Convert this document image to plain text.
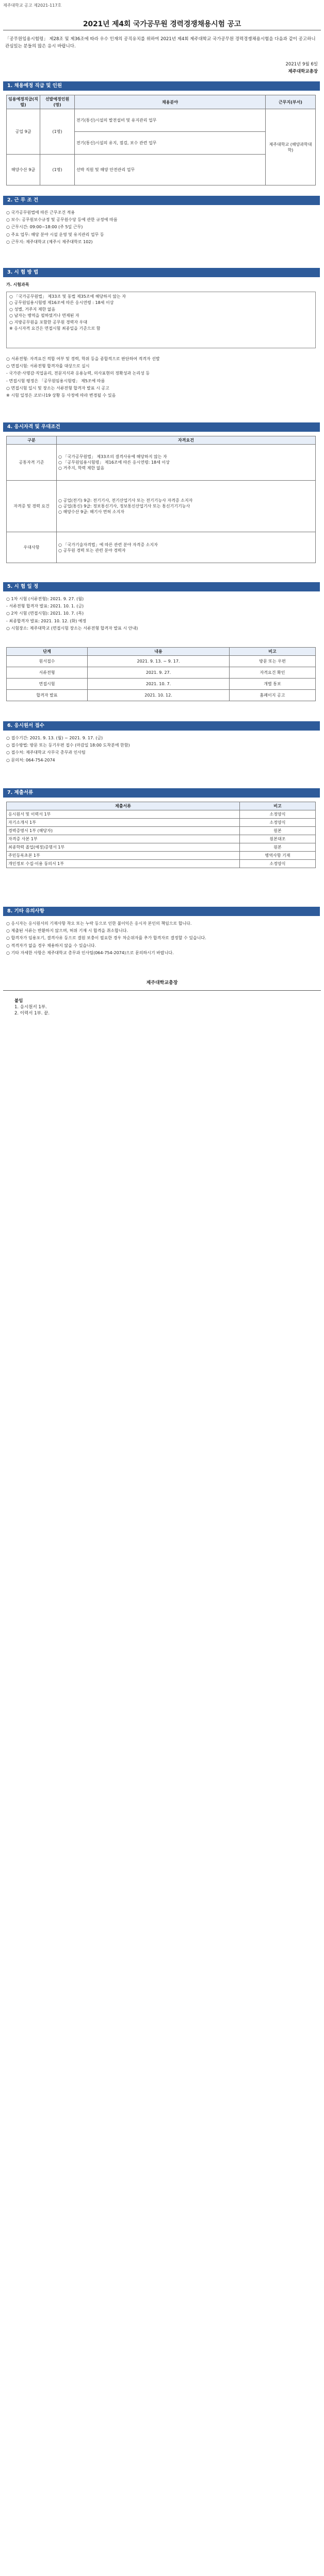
제주대학교 공고 제2021-117호
2021년 제4회 국가공무원 경력경쟁채용시험 공고
「공무원임용시험령」 제28조 및 제36조에 따라 우수 인재의 공직유치를 위하여 2021년 제4회 제주대학교 국가공무원 경력경쟁채용시험을 다음과 같이 공고하니 관심있는 분들의 많은 응시 바랍니다.
2021년 9월 6일
제주대학교총장
1. 채용예정 직급 및 인원
임용예정직급(직렬)	선발예정인원(명)	채용분야	근무지(부서)
공업 9급	(1명)	전기(통신)시설의 발전설비 및 유지관리 업무	제주대학교 (해양과학대학)
		전기(통신)시설의 유지, 점검, 보수 관련 업무	
해양수산 9급	(1명)	선박 직원 및 해양 안전관리 업무	
2. 근 무 조 건
○ 국가공무원법에 따른 근무조건 적용
○ 보수: 공무원보수규정 및 공무원수당 등에 관한 규정에 따름
○ 근무시간: 09:00~18:00 (주 5일 근무)
○ 주요 업무: 해당 분야 시설 운영 및 유지관리 업무 등
○ 근무지: 제주대학교 (제주시 제주대학로 102)
3. 시 험 방 법
가. 시험과목
○ 「국가공무원법」 제33조 및 동법 제35조에 해당하지 않는 자
○ 공무원임용시험령 제16조에 따른 응시연령 : 18세 이상
○ 성별, 거주지 제한 없음
○ 남자는 병역을 필하였거나 면제된 자
○ 지방공무원을 포함한 공무원 경력자 우대
※ 응시자격 요건은 면접시험 최종일을 기준으로 함
○ 서류전형: 자격요건 적합 여부 및 경력, 학위 등을 종합적으로 판단하여 적격자 선발
○ 면접시험: 서류전형 합격자를 대상으로 실시
- 국가관·사명감·직업윤리, 전문지식과 응용능력, 의사표현의 정확성과 논리성 등
- 면접시험 평정은 「공무원임용시험령」 제5조에 따름
○ 면접시험 일시 및 장소는 서류전형 합격자 발표 시 공고
※ 시험 일정은 코로나19 상황 등 사정에 따라 변경될 수 있음
4. 응시자격 및 우대조건
구분	자격요건
공통자격 기준	○ 「국가공무원법」 제33조의 결격사유에 해당하지 않는 자
○ 「공무원임용시험령」 제16조에 따른 응시연령: 18세 이상
○ 거주지, 학력 제한 없음
자격증 및 경력 요건	○ 공업(전기) 9급: 전기기사, 전기산업기사 또는 전기기능사 자격증 소지자
○ 공업(통신) 9급: 정보통신기사, 정보통신산업기사 또는 통신기기기능사
○ 해양수산 9급: 해기사 면허 소지자
우대사항	○ 「국가기술자격법」에 따른 관련 분야 자격증 소지자
○ 공무원 경력 또는 관련 분야 경력자
5. 시 험 일 정
○ 1차 시험 (서류전형): 2021. 9. 27. (월)
- 서류전형 합격자 발표: 2021. 10. 1. (금)
○ 2차 시험 (면접시험): 2021. 10. 7. (목)
- 최종합격자 발표: 2021. 10. 12. (화) 예정
○ 시험장소: 제주대학교 (면접시험 장소는 서류전형 합격자 발표 시 안내)
단계	내용	비고
원서접수	2021. 9. 13. ~ 9. 17.	방문 또는 우편
서류전형	2021. 9. 27.	자격요건 확인
면접시험	2021. 10. 7.	개별 통보
합격자 발표	2021. 10. 12.	홈페이지 공고
6. 응시원서 접수
○ 접수기간: 2021. 9. 13. (월) ~ 2021. 9. 17. (금)
○ 접수방법: 방문 또는 등기우편 접수 (마감일 18:00 도착분에 한함)
○ 접수처: 제주대학교 사무국 총무과 인사팀
○ 문의처: 064-754-2074
7. 제출서류
제출서류	비고
응시원서 및 이력서 1부	소정양식
자기소개서 1부	소정양식
경력증명서 1부 (해당자)	원본
자격증 사본 1부	원본대조
최종학력 졸업(예정)증명서 1부	원본
주민등록초본 1부	병역사항 기재
개인정보 수집·이용 동의서 1부	소정양식
8. 기타 유의사항
○ 응시자는 응시원서의 기재사항 착오 또는 누락 등으로 인한 불이익은 응시자 본인의 책임으로 합니다.
○ 제출된 서류는 반환하지 않으며, 허위 기재 시 합격을 취소합니다.
○ 합격자가 임용포기, 결격사유 등으로 결원 보충이 필요한 경우 차순위자를 추가 합격자로 결정할 수 있습니다.
○ 적격자가 없을 경우 채용하지 않을 수 있습니다.
○ 기타 자세한 사항은 제주대학교 총무과 인사팀(064-754-2074)으로 문의하시기 바랍니다.
제주대학교총장
붙임
1. 응시원서 1부.
2. 이력서 1부. 끝.
